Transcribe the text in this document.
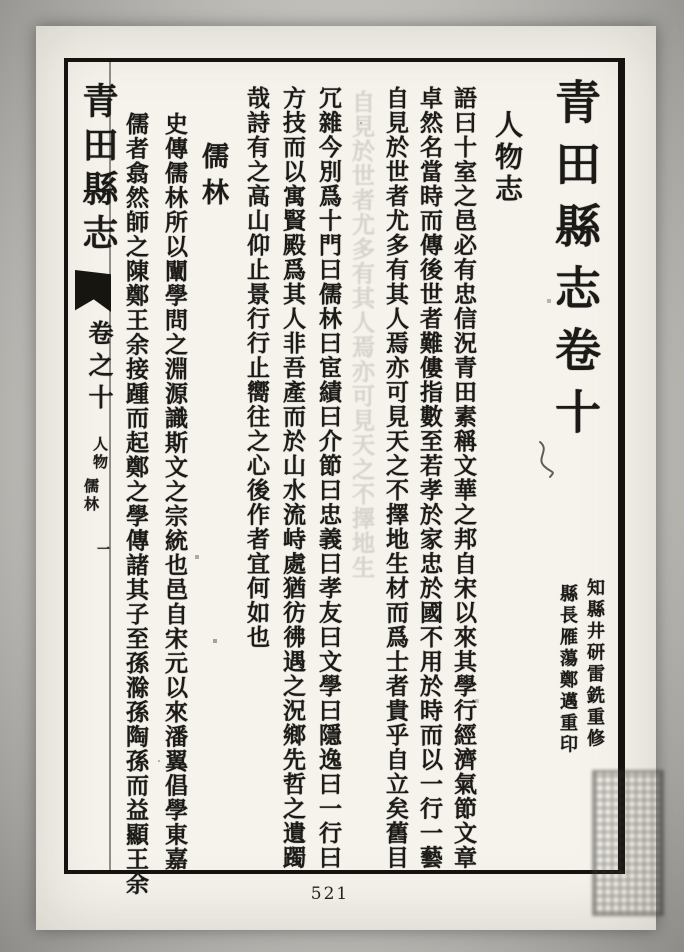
青田縣志
卷之十
人物
儒林
一
青田縣志卷十
知縣井研雷銑重修
縣長雁蕩鄭邁重印
人物志
語曰十室之邑必有忠信況青田素稱文華之邦自宋以來其學行經濟氣節文章
卓然名當時而傳後世者難僂指數至若孝於家忠於國不用於時而以一行一藝
自見於世者尤多有其人焉亦可見天之不擇地生材而爲士者貴乎自立矣舊目
自見於世者尤多有其人焉亦可見天之不擇地生
冗雜今別爲十門曰儒林曰宦績曰介節曰忠義曰孝友曰文學曰隱逸曰一行曰
方技而以寓賢殿爲其人非吾產而於山水流峙處猶彷彿遇之況鄉先哲之遺躅
哉詩有之高山仰止景行行止嚮往之心後作者宜何如也
儒林
史傳儒林所以闡學問之淵源識斯文之宗統也邑自宋元以來潘翼倡學東嘉
儒者翕然師之陳鄭王余接踵而起鄭之學傳諸其子至孫滁孫陶孫而益顯王余	521
